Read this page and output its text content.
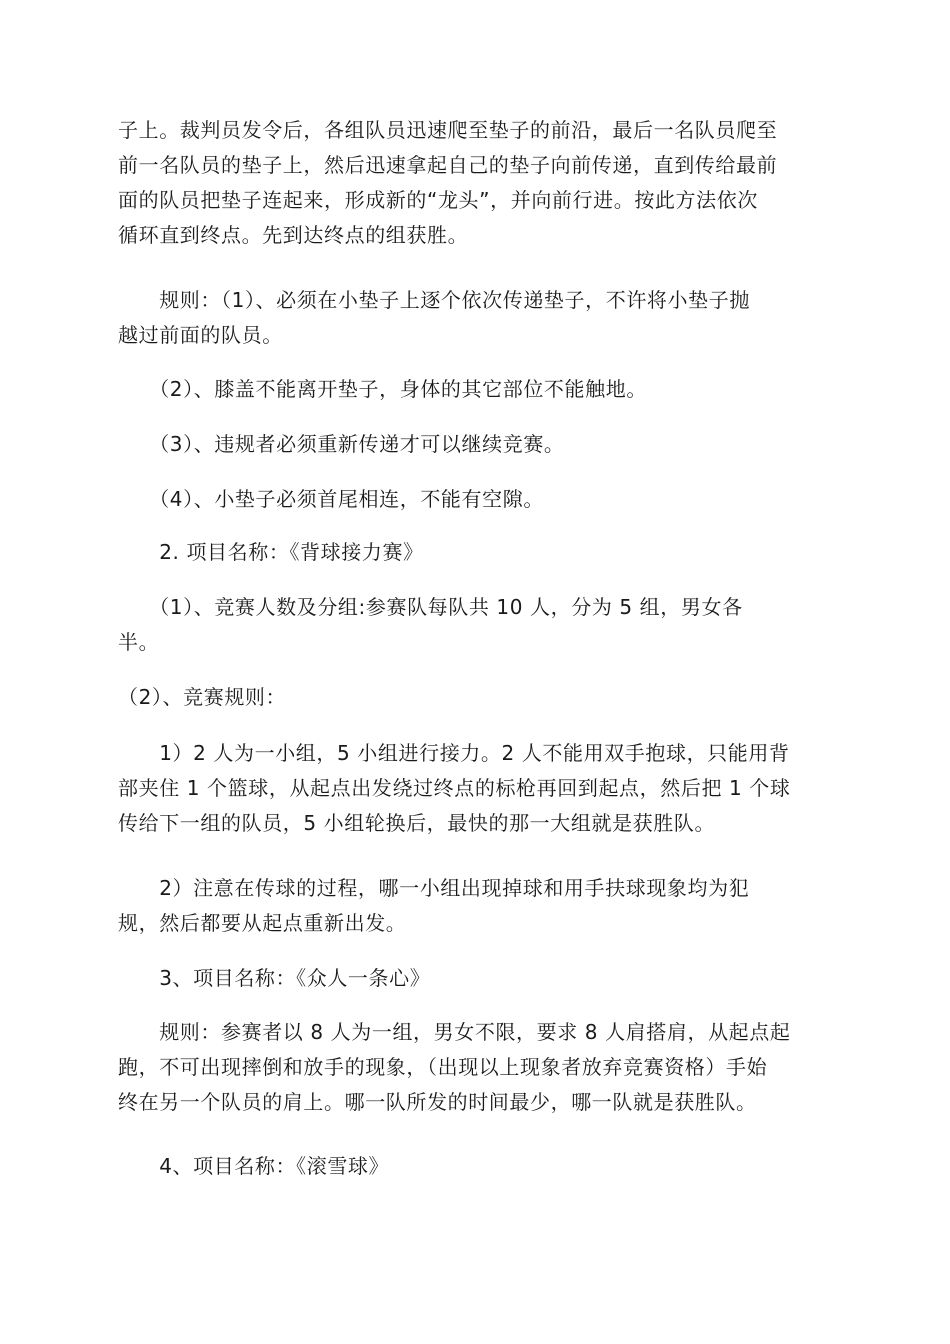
子上。裁判员发令后，各组队员迅速爬至垫子的前沿，最后一名队员爬至
前一名队员的垫子上，然后迅速拿起自己的垫子向前传递，直到传给最前
面的队员把垫子连起来，形成新的“龙头”，并向前行进。按此方法依次
循环直到终点。先到达终点的组获胜。
　　规则：（1）、必须在小垫子上逐个依次传递垫子，不许将小垫子抛
越过前面的队员。
　　（2）、膝盖不能离开垫子，身体的其它部位不能触地。
　　（3）、违规者必须重新传递才可以继续竞赛。
　　（4）、小垫子必须首尾相连，不能有空隙。
　　2. 项目名称：《背球接力赛》
　　（1）、竞赛人数及分组:参赛队每队共 10 人，分为 5 组，男女各
半。
（2）、竞赛规则：
　　1）2 人为一小组，5 小组进行接力。2 人不能用双手抱球，只能用背
部夹住 1 个篮球，从起点出发绕过终点的标枪再回到起点，然后把 1 个球
传给下一组的队员，5 小组轮换后，最快的那一大组就是获胜队。
　　2）注意在传球的过程，哪一小组出现掉球和用手扶球现象均为犯
规，然后都要从起点重新出发。
　　3、项目名称：《众人一条心》
　　规则：参赛者以 8 人为一组，男女不限，要求 8 人肩搭肩，从起点起
跑，不可出现摔倒和放手的现象，（出现以上现象者放弃竞赛资格）手始
终在另一个队员的肩上。哪一队所发的时间最少，哪一队就是获胜队。
　　4、项目名称：《滚雪球》
